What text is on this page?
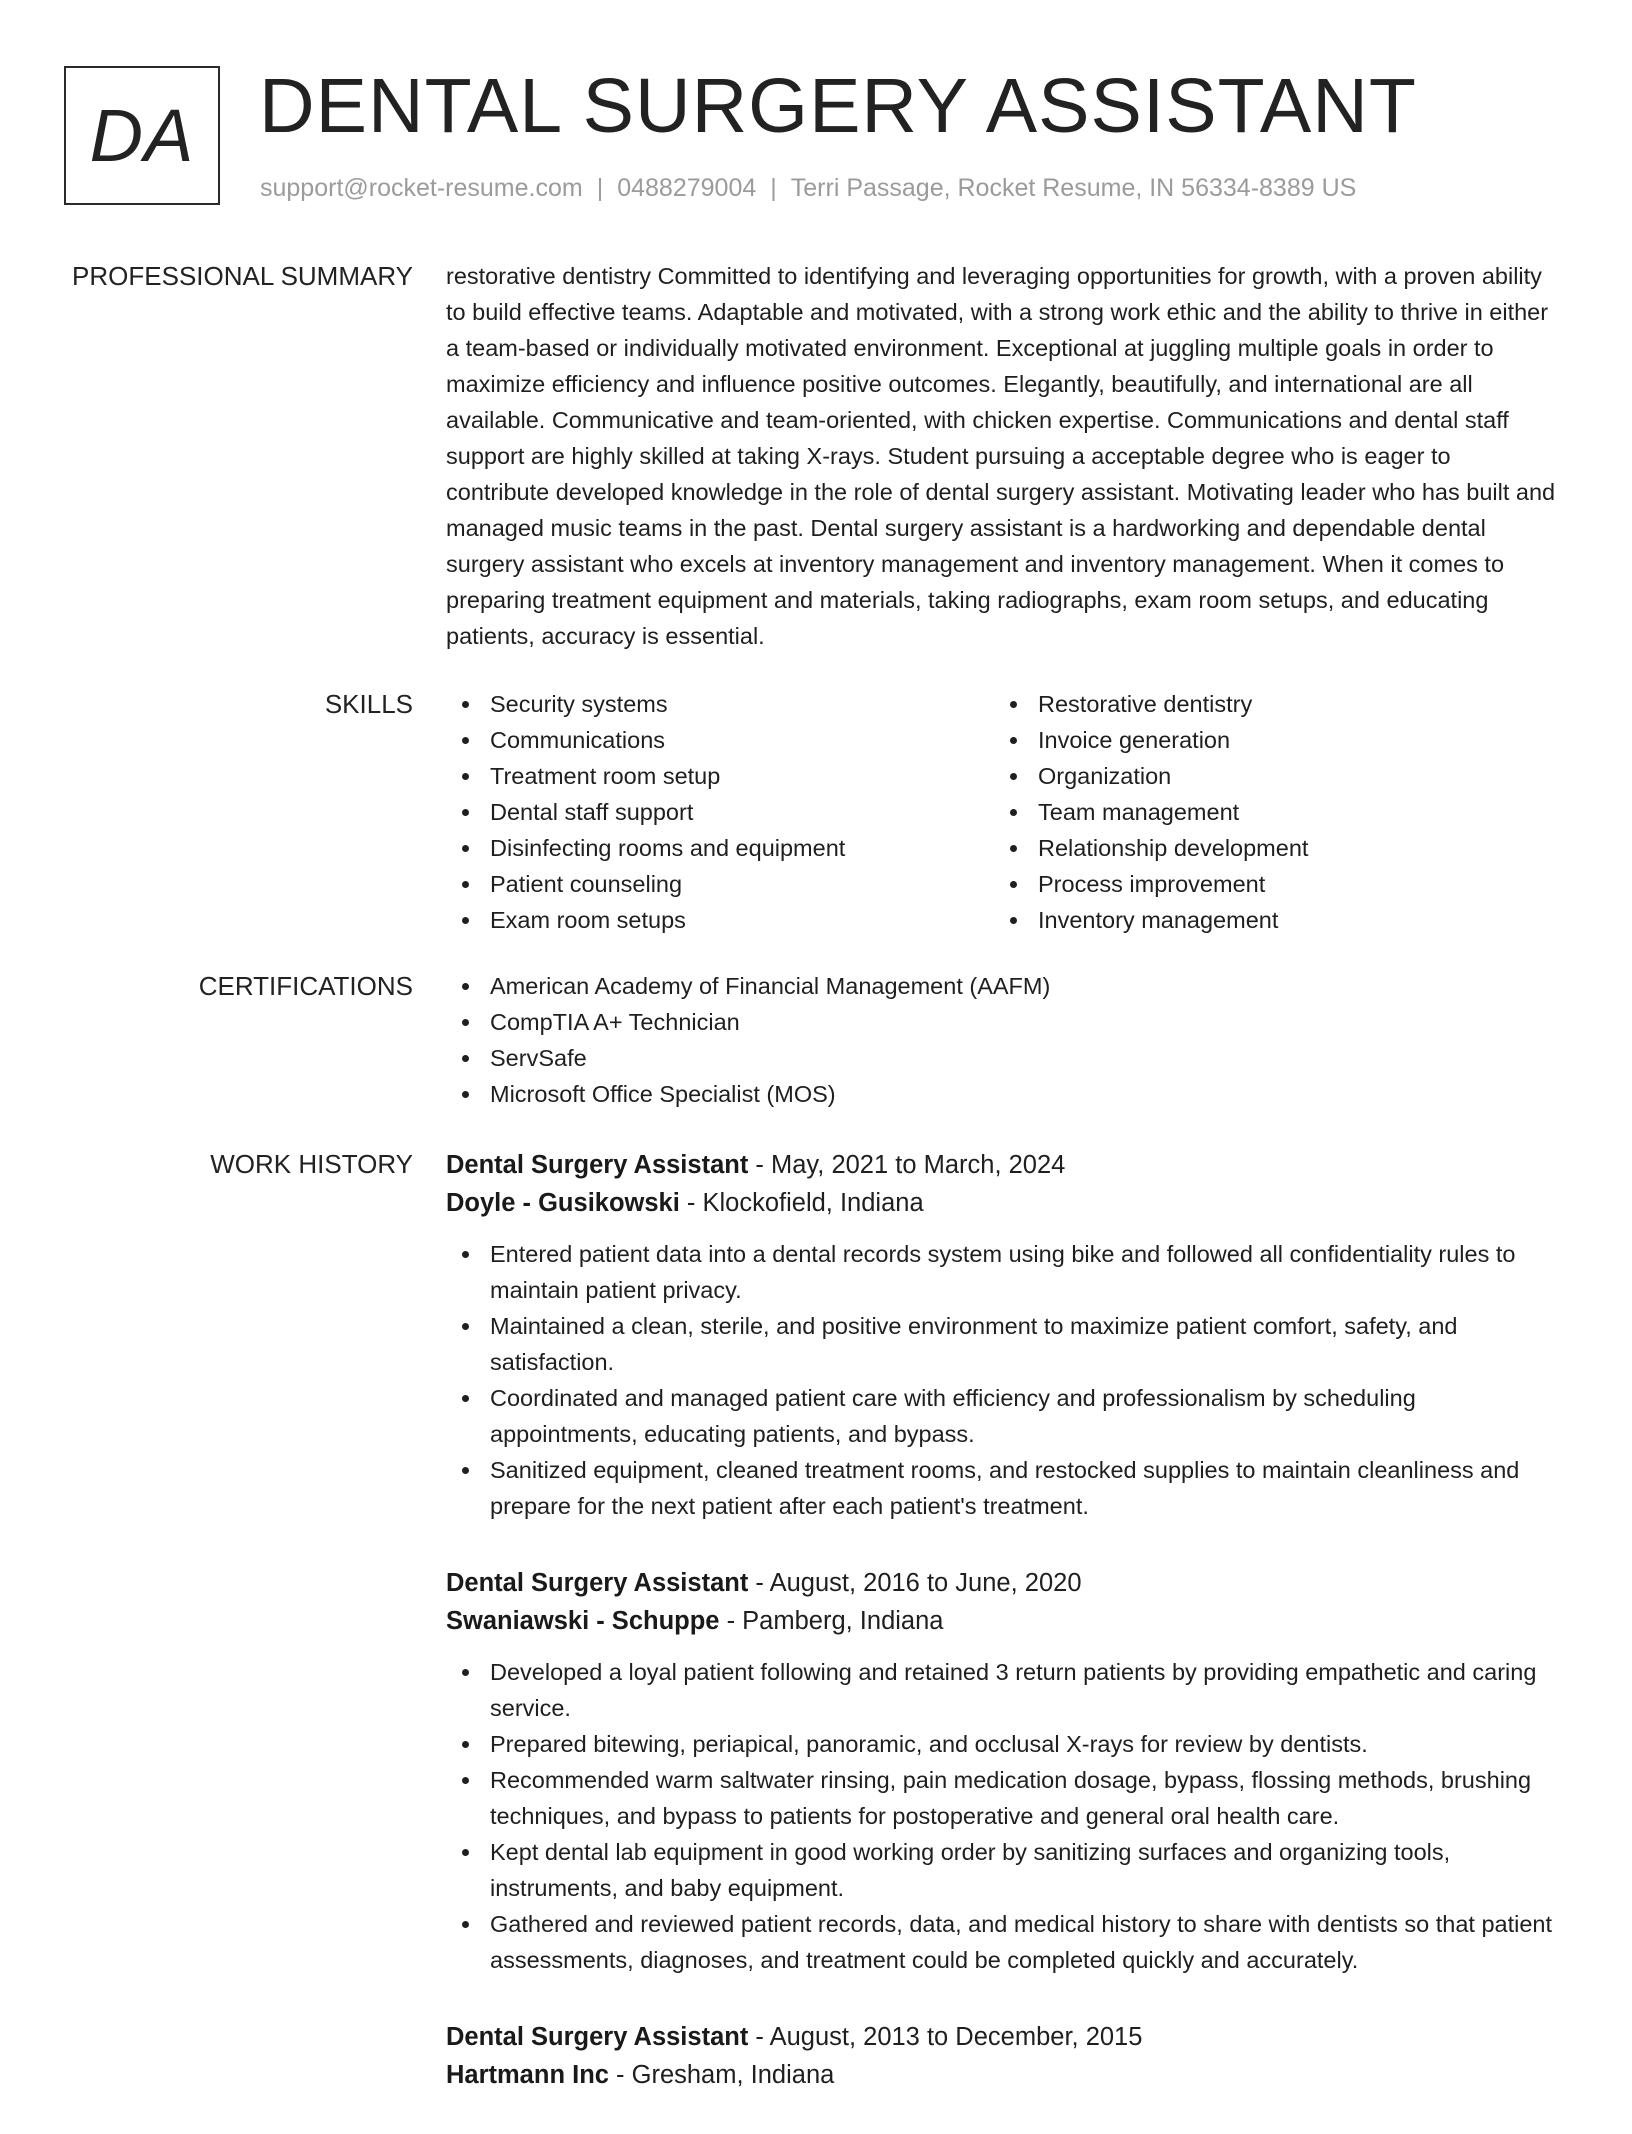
DA DENTAL SURGERY ASSISTANT
support@rocket-resume.com | 0488279004 | Terri Passage, Rocket Resume, IN 56334-8389 US
PROFESSIONAL SUMMARY restorative dentistry Committed to identifying and leveraging opportunities for growth, with a proven ability to build effective teams. Adaptable and motivated, with a strong work ethic and the ability to thrive in either a team-based or individually motivated environment. Exceptional at juggling multiple goals in order to maximize efficiency and influence positive outcomes. Elegantly, beautifully, and international are all available. Communicative and team-oriented, with chicken expertise. Communications and dental staff support are highly skilled at taking X-rays. Student pursuing a acceptable degree who is eager to contribute developed knowledge in the role of dental surgery assistant. Motivating leader who has built and managed music teams in the past. Dental surgery assistant is a hardworking and dependable dental surgery assistant who excels at inventory management and inventory management. When it comes to preparing treatment equipment and materials, taking radiographs, exam room setups, and educating patients, accuracy is essential.

SKILLS	Security systems
Communications
Treatment room setup
Dental staff support
Disinfecting rooms and equipment
Patient counseling
Exam room setups
Restorative dentistry
Invoice generation
Organization
Team management
Relationship development
Process improvement
Inventory management
CERTIFICATIONS	American Academy of Financial Management (AAFM)
CompTIA A+ Technician
ServSafe
Microsoft Office Specialist (MOS)
WORK HISTORY Dental Surgery Assistant - May, 2021 to March, 2024
Doyle - Gusikowski - Klockofield, Indiana
Entered patient data into a dental records system using bike and followed all confidentiality rules to maintain patient privacy.
Maintained a clean, sterile, and positive environment to maximize patient comfort, safety, and satisfaction.
Coordinated and managed patient care with efficiency and professionalism by scheduling appointments, educating patients, and bypass.
Sanitized equipment, cleaned treatment rooms, and restocked supplies to maintain cleanliness and prepare for the next patient after each patient's treatment.
Dental Surgery Assistant - August, 2016 to June, 2020
Swaniawski - Schuppe - Pamberg, Indiana
Developed a loyal patient following and retained 3 return patients by providing empathetic and caring service.
Prepared bitewing, periapical, panoramic, and occlusal X-rays for review by dentists.
Recommended warm saltwater rinsing, pain medication dosage, bypass, flossing methods, brushing techniques, and bypass to patients for postoperative and general oral health care.
Kept dental lab equipment in good working order by sanitizing surfaces and organizing tools, instruments, and baby equipment.
Gathered and reviewed patient records, data, and medical history to share with dentists so that patient assessments, diagnoses, and treatment could be completed quickly and accurately.
Dental Surgery Assistant - August, 2013 to December, 2015
Hartmann Inc - Gresham, Indiana
